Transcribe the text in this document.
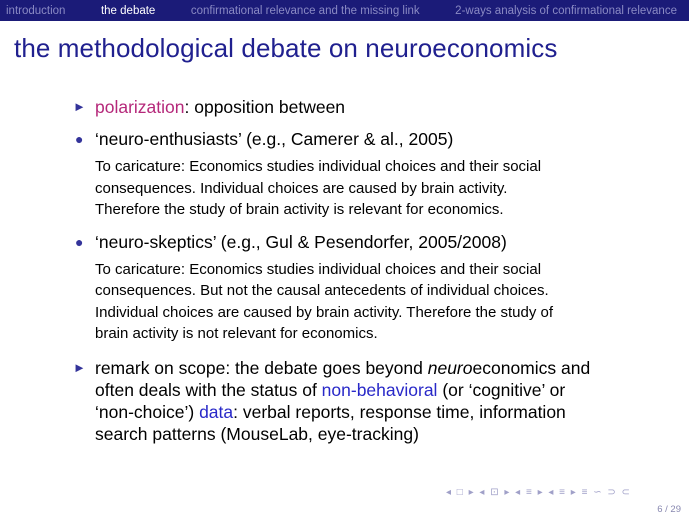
introduction	the debate	confirmational relevance and the missing link	2-ways analysis of confirmational relevance
the methodological debate on neuroeconomics
► polarization: opposition between
● ‘neuro-enthusiasts’ (e.g., Camerer & al., 2005)
To caricature: Economics studies individual choices and their social
consequences. Individual choices are caused by brain activity.
Therefore the study of brain activity is relevant for economics.
● ‘neuro-skeptics’ (e.g., Gul & Pesendorfer, 2005/2008)
To caricature: Economics studies individual choices and their social
consequences. But not the causal antecedents of individual choices.
Individual choices are caused by brain activity. Therefore the study of
brain activity is not relevant for economics.
► remark on scope: the debate goes beyond neuroeconomics and
often deals with the status of non-behavioral (or ‘cognitive’ or
‘non-choice’) data: verbal reports, response time, information
search patterns (MouseLab, eye-tracking)
◂ □ ▸ ◂ ⊡ ▸ ◂ ≡ ▸ ◂ ≡ ▸ ≡ ∽ ⊃ ⊂
6 / 29
